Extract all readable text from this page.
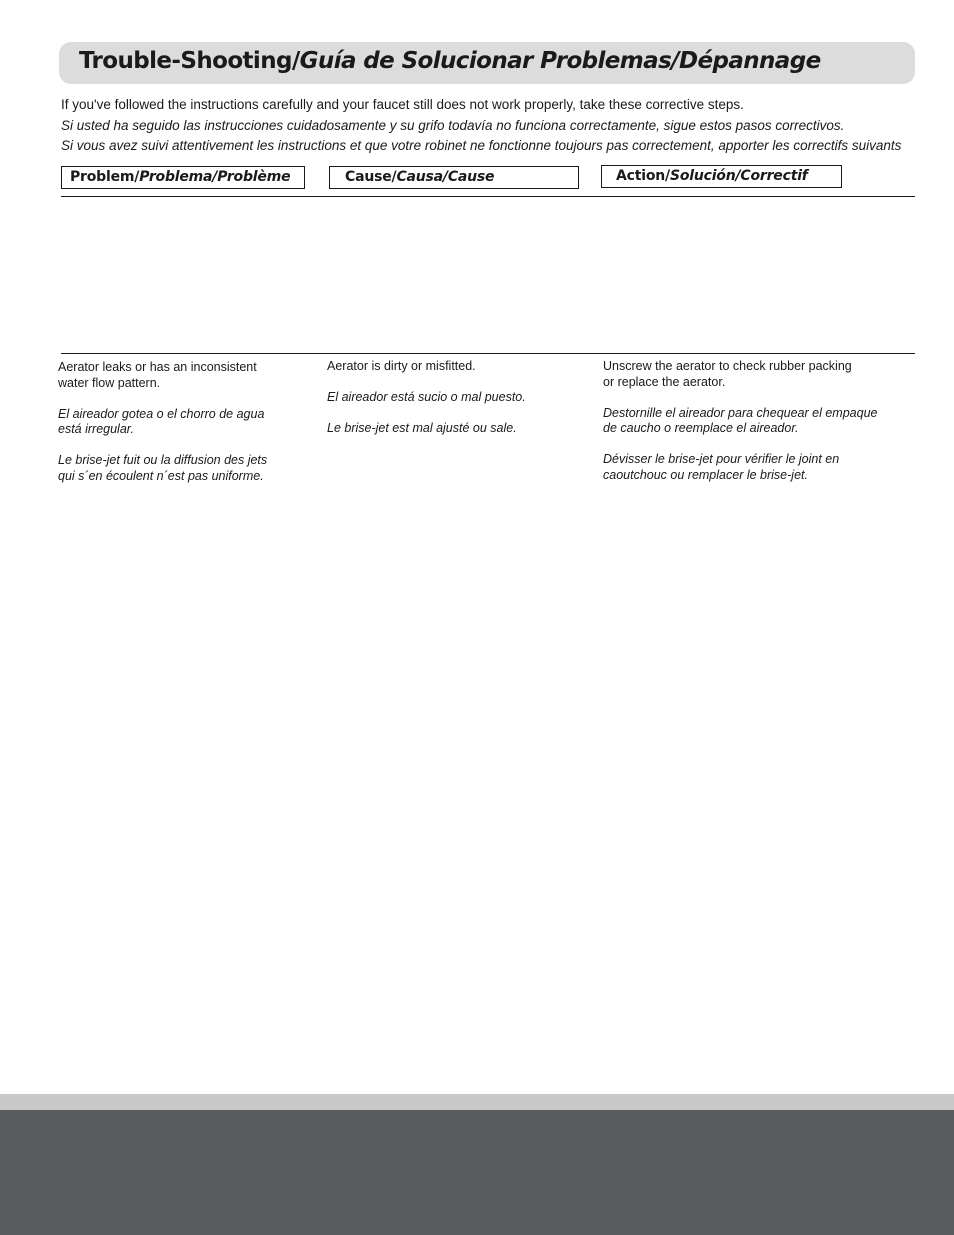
Trouble-Shooting/Guía de Solucionar Problemas/Dépannage
If you've followed the instructions carefully and your faucet still does not work properly, take these corrective steps.
Si usted ha seguido las instrucciones cuidadosamente y su grifo todavía no funciona correctamente, sigue estos pasos correctivos.
Si vous avez suivi attentivement les instructions et que votre robinet ne fonctionne toujours pas correctement, apporter les correctifs suivants
Problem/Problema/Problème	Cause/Causa/Cause	Action/Solución/Correctif

Aerator leaks or has an inconsistent
water flow pattern.

El aireador gotea o el chorro de agua
está irregular.

Le brise-jet fuit ou la diffusion des jets
qui s´en écoulent n´est pas uniforme.

Aerator is dirty or misfitted.

El aireador está sucio o mal puesto.

Le brise-jet est mal ajusté ou sale.

Unscrew the aerator to check rubber packing
or replace the aerator.

Destornille el aireador para chequear el empaque
de caucho o reemplace el aireador.

Dévisser le brise-jet pour vérifier le joint en
caoutchouc ou remplacer le brise-jet.
